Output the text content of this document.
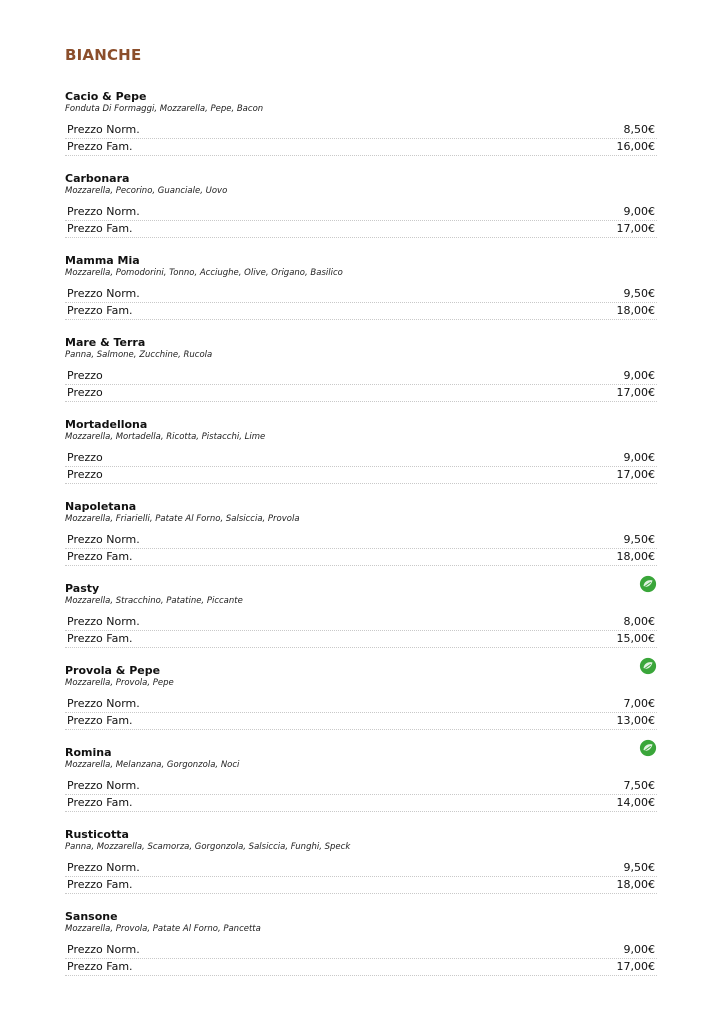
BIANCHE
Cacio & Pepe
Fonduta Di Formaggi, Mozzarella, Pepe, Bacon
Prezzo Norm.	8,50€
Prezzo Fam.	16,00€
Carbonara
Mozzarella, Pecorino, Guanciale, Uovo
Prezzo Norm.	9,00€
Prezzo Fam.	17,00€
Mamma Mia
Mozzarella, Pomodorini, Tonno, Acciughe, Olive, Origano, Basilico
Prezzo Norm.	9,50€
Prezzo Fam.	18,00€
Mare & Terra
Panna, Salmone, Zucchine, Rucola
Prezzo	9,00€
Prezzo	17,00€
Mortadellona
Mozzarella, Mortadella, Ricotta, Pistacchi, Lime
Prezzo	9,00€
Prezzo	17,00€
Napoletana
Mozzarella, Friarielli, Patate Al Forno, Salsiccia, Provola
Prezzo Norm.	9,50€
Prezzo Fam.	18,00€
Pasty
Mozzarella, Stracchino, Patatine, Piccante
Prezzo Norm.	8,00€
Prezzo Fam.	15,00€
Provola & Pepe
Mozzarella, Provola, Pepe
Prezzo Norm.	7,00€
Prezzo Fam.	13,00€
Romina
Mozzarella, Melanzana, Gorgonzola, Noci
Prezzo Norm.	7,50€
Prezzo Fam.	14,00€
Rusticotta
Panna, Mozzarella, Scamorza, Gorgonzola, Salsiccia, Funghi, Speck
Prezzo Norm.	9,50€
Prezzo Fam.	18,00€
Sansone
Mozzarella, Provola, Patate Al Forno, Pancetta
Prezzo Norm.	9,00€
Prezzo Fam.	17,00€
